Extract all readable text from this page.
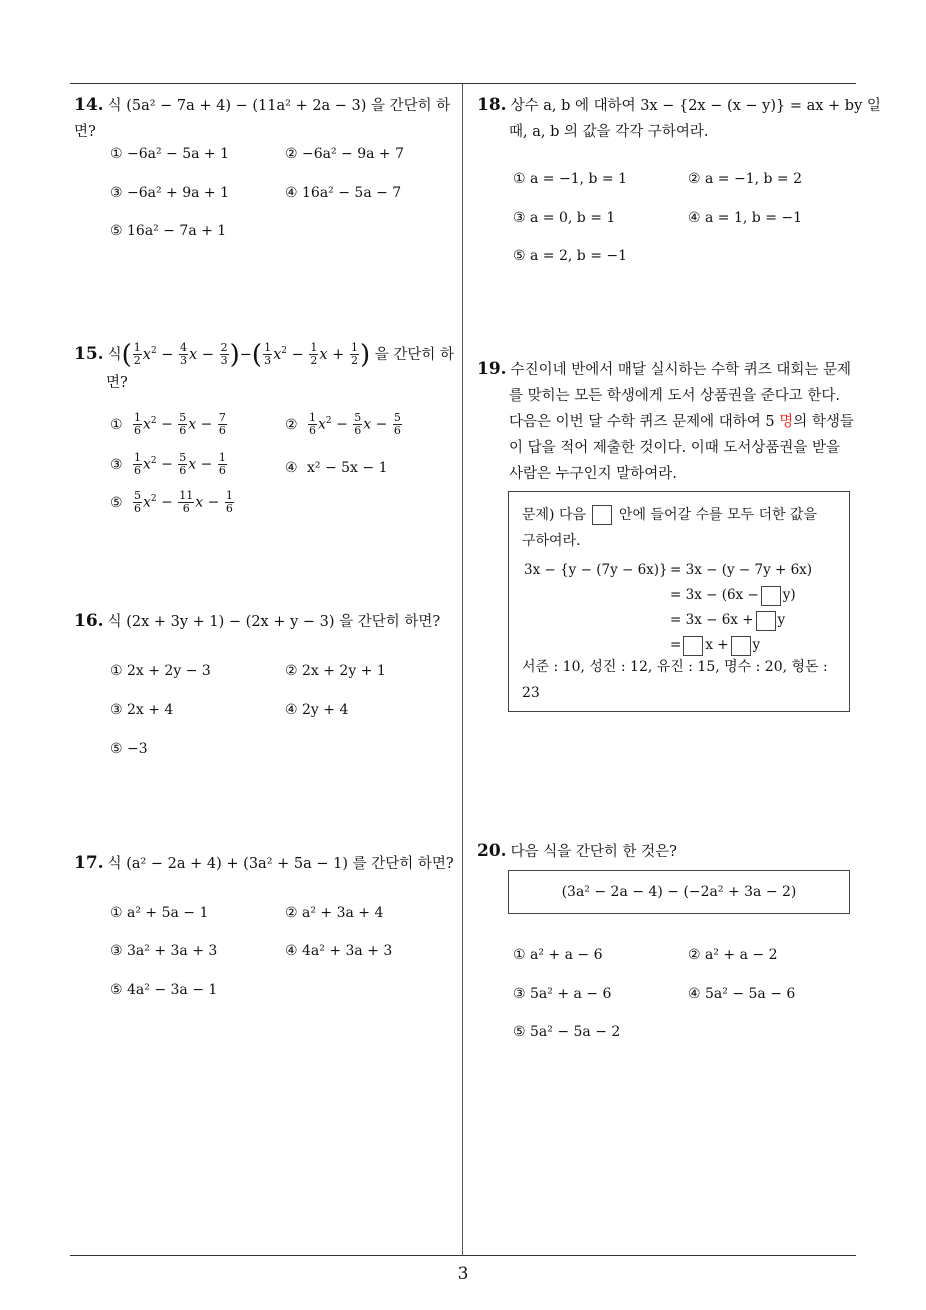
14. 식 (5a² − 7a + 4) − (11a² + 2a − 3) 을 간단히 하면?
① −6a² − 5a + 1	② −6a² − 9a + 7
③ −6a² + 9a + 1	④ 16a² − 5a − 7
⑤ 16a² − 7a + 1
15. 식( $\frac{1}{2} x^2 - \frac{4}{3}$ $x - \frac{2}{3}$ )−( $\frac{1}{3} x^2 - \frac{1}{2}$ $x + \frac{1}{2}$ ) 을 간단히 하
면?
① $\frac{1}{6} x^2 - \frac{5}{6}$ $x - \frac{7}{6}$	② $\frac{1}{6} x^2 - \frac{5}{6}$ $x - \frac{5}{6}$
③ $\frac{1}{6} x^2 - \frac{5}{6}$ $x - \frac{1}{6}$	④ x² − 5x − 1
⑤ $\frac{5}{6} x^2 - \frac{11}{6}$ $x - \frac{1}{6}$
16. 식 (2x + 3y + 1) − (2x + y − 3) 을 간단히 하면?
① 2x + 2y − 3	② 2x + 2y + 1
③ 2x + 4	④ 2y + 4
⑤ −3
17. 식 (a² − 2a + 4) + (3a² + 5a − 1) 를 간단히 하면?
① a² + 5a − 1	② a² + 3a + 4
③ 3a² + 3a + 3	④ 4a² + 3a + 3
⑤ 4a² − 3a − 1
18. 상수 a, b 에 대하여 3x − {2x − (x − y)} = ax + by 일
때, a, b 의 값을 각각 구하여라.
① a = −1, b = 1	② a = −1, b = 2
③ a = 0, b = 1	④ a = 1, b = −1
⑤ a = 2, b = −1
19. 수진이네 반에서 매달 실시하는 수학 퀴즈 대회는 문제
를 맞히는 모든 학생에게 도서 상품권을 준다고 한다.
다음은 이번 달 수학 퀴즈 문제에 대하여 5 명의 학생들
이 답을 적어 제출한 것이다. 이때 도서상품권을 받을
사람은 누구인지 말하여라.
문제) 다음 안에 들어갈 수를 모두 더한 값을
구하여라.
3x − {y − (7y − 6x)} = 3x − (y − 7y + 6x)
= 3x − (6x − y)
= 3x − 6x + y
= x + y
서준 : 10, 성진 : 12, 유진 : 15, 명수 : 20, 형돈 :
23
20. 다음 식을 간단히 한 것은?
(3a² − 2a − 4) − (−2a² + 3a − 2)
① a² + a − 6	② a² + a − 2
③ 5a² + a − 6	④ 5a² − 5a − 6
⑤ 5a² − 5a − 2
3
